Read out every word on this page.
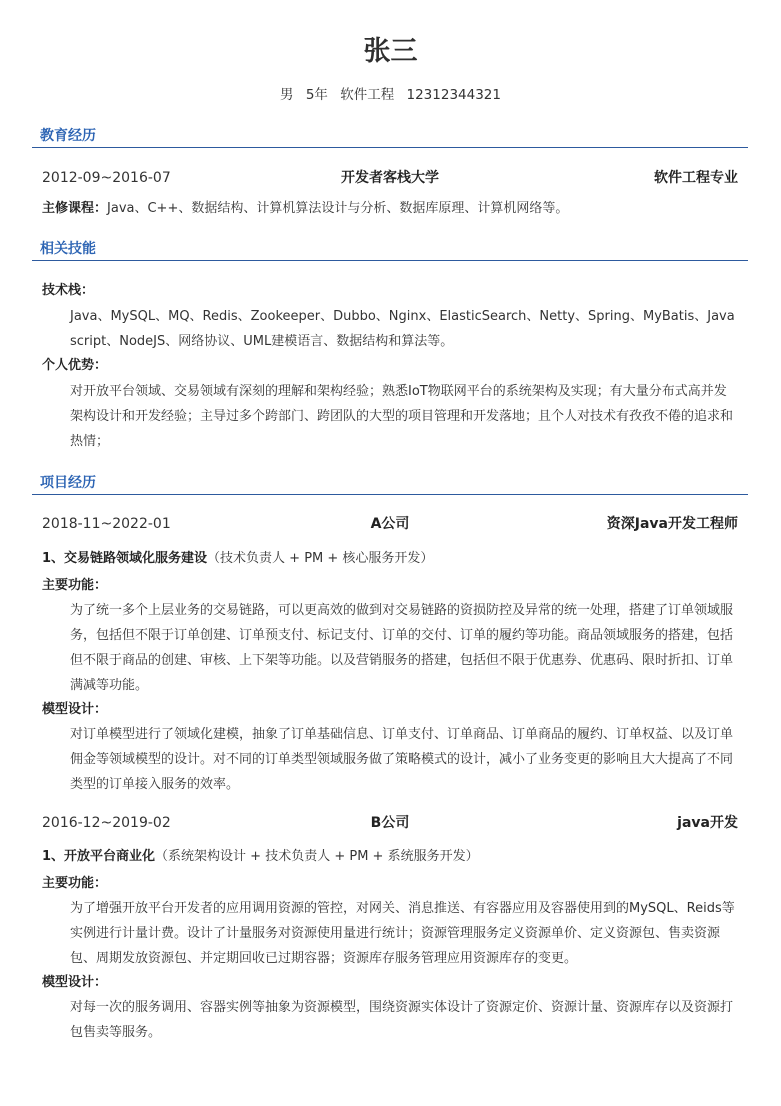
张三
男 5年 软件工程 12312344321
教育经历
2012-09~2016-07	开发者客栈大学	软件工程专业
主修课程：Java、C++、数据结构、计算机算法设计与分析、数据库原理、计算机网络等。
相关技能
技术栈：
Java、MySQL、MQ、Redis、Zookeeper、Dubbo、Nginx、ElasticSearch、Netty、Spring、MyBatis、Javascript、NodeJS、网络协议、UML建模语言、数据结构和算法等。
个人优势：
对开放平台领域、交易领域有深刻的理解和架构经验；熟悉IoT物联网平台的系统架构及实现；有大量分布式高并发架构设计和开发经验；主导过多个跨部门、跨团队的大型的项目管理和开发落地；且个人对技术有孜孜不倦的追求和热情；
项目经历
2018-11~2022-01	A公司	资深Java开发工程师
1、交易链路领域化服务建设（技术负责人 + PM + 核心服务开发）
主要功能：
为了统一多个上层业务的交易链路，可以更高效的做到对交易链路的资损防控及异常的统一处理，搭建了订单领域服务，包括但不限于订单创建、订单预支付、标记支付、订单的交付、订单的履约等功能。商品领域服务的搭建，包括但不限于商品的创建、审核、上下架等功能。以及营销服务的搭建，包括但不限于优惠券、优惠码、限时折扣、订单满减等功能。
模型设计：
对订单模型进行了领域化建模，抽象了订单基础信息、订单支付、订单商品、订单商品的履约、订单权益、以及订单佣金等领域模型的设计。对不同的订单类型领域服务做了策略模式的设计，减小了业务变更的影响且大大提高了不同类型的订单接入服务的效率。
2016-12~2019-02	B公司	java开发
1、开放平台商业化（系统架构设计 + 技术负责人 + PM + 系统服务开发）
主要功能：
为了增强开放平台开发者的应用调用资源的管控，对网关、消息推送、有容器应用及容器使用到的MySQL、Reids等实例进行计量计费。设计了计量服务对资源使用量进行统计；资源管理服务定义资源单价、定义资源包、售卖资源包、周期发放资源包、并定期回收已过期容器；资源库存服务管理应用资源库存的变更。
模型设计：
对每一次的服务调用、容器实例等抽象为资源模型，围绕资源实体设计了资源定价、资源计量、资源库存以及资源打包售卖等服务。
